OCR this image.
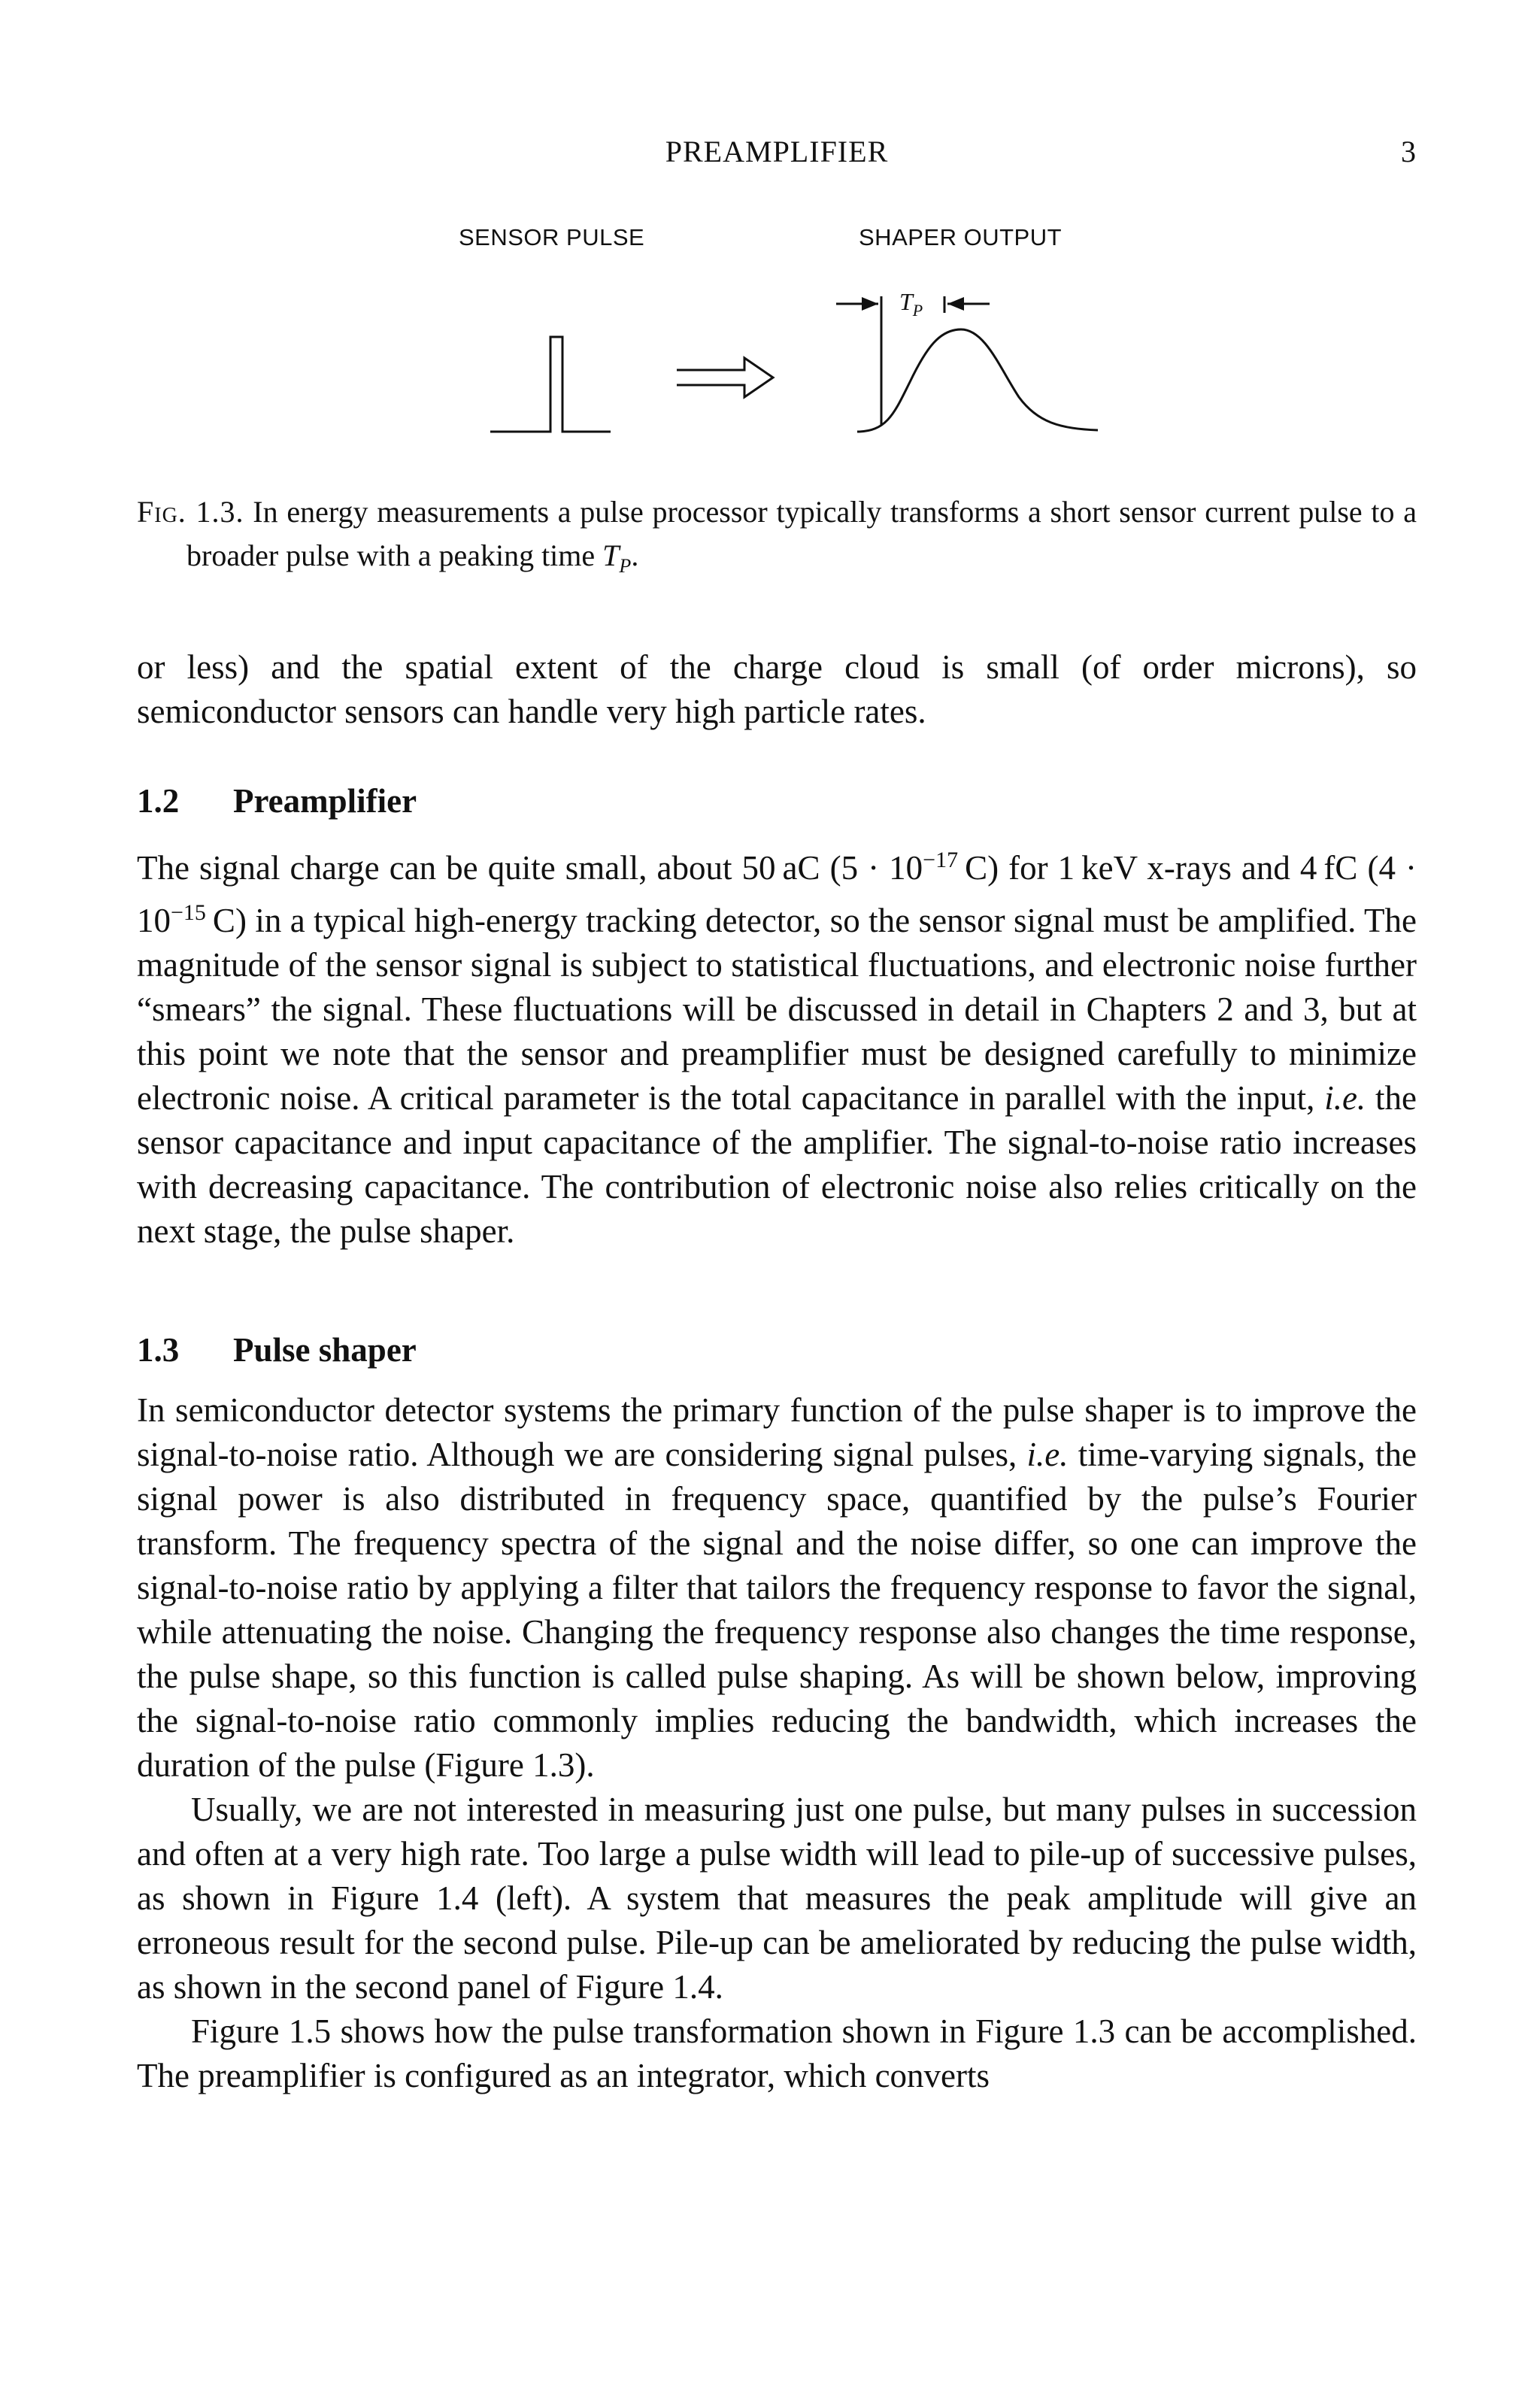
PREAMPLIFIER	3
SENSOR PULSE	SHAPER OUTPUT
$T_P$

Fig. 1.3. In energy measurements a pulse processor typically transforms a short sensor current pulse to a broader pulse with a peaking time $T_P$.

or less) and the spatial extent of the charge cloud is small (of order microns), so semiconductor sensors can handle very high particle rates.

1.2 Preamplifier

The signal charge can be quite small, about 50 aC ($5 \cdot 10^{-17}$ C) for 1 keV x-rays and 4 fC ($4 \cdot 10^{-15}$ C) in a typical high-energy tracking detector, so the sensor signal must be amplified. The magnitude of the sensor signal is subject to statistical fluctuations, and electronic noise further “smears” the signal. These fluctuations will be discussed in detail in Chapters 2 and 3, but at this point we note that the sensor and preamplifier must be designed carefully to minimize electronic noise. A critical parameter is the total capacitance in parallel with the input, i.e. the sensor capacitance and input capacitance of the amplifier. The signal-to-noise ratio increases with decreasing capacitance. The contribution of electronic noise also relies critically on the next stage, the pulse shaper.

1.3 Pulse shaper

In semiconductor detector systems the primary function of the pulse shaper is to improve the signal-to-noise ratio. Although we are considering signal pulses, i.e. time-varying signals, the signal power is also distributed in frequency space, quantified by the pulse’s Fourier transform. The frequency spectra of the signal and the noise differ, so one can improve the signal-to-noise ratio by applying a filter that tailors the frequency response to favor the signal, while attenuating the noise. Changing the frequency response also changes the time response, the pulse shape, so this function is called pulse shaping. As will be shown below, improving the signal-to-noise ratio commonly implies reducing the bandwidth, which increases the duration of the pulse (Figure 1.3).

Usually, we are not interested in measuring just one pulse, but many pulses in succession and often at a very high rate. Too large a pulse width will lead to pile-up of successive pulses, as shown in Figure 1.4 (left). A system that measures the peak amplitude will give an erroneous result for the second pulse. Pile-up can be ameliorated by reducing the pulse width, as shown in the second panel of Figure 1.4.

Figure 1.5 shows how the pulse transformation shown in Figure 1.3 can be accomplished. The preamplifier is configured as an integrator, which converts
